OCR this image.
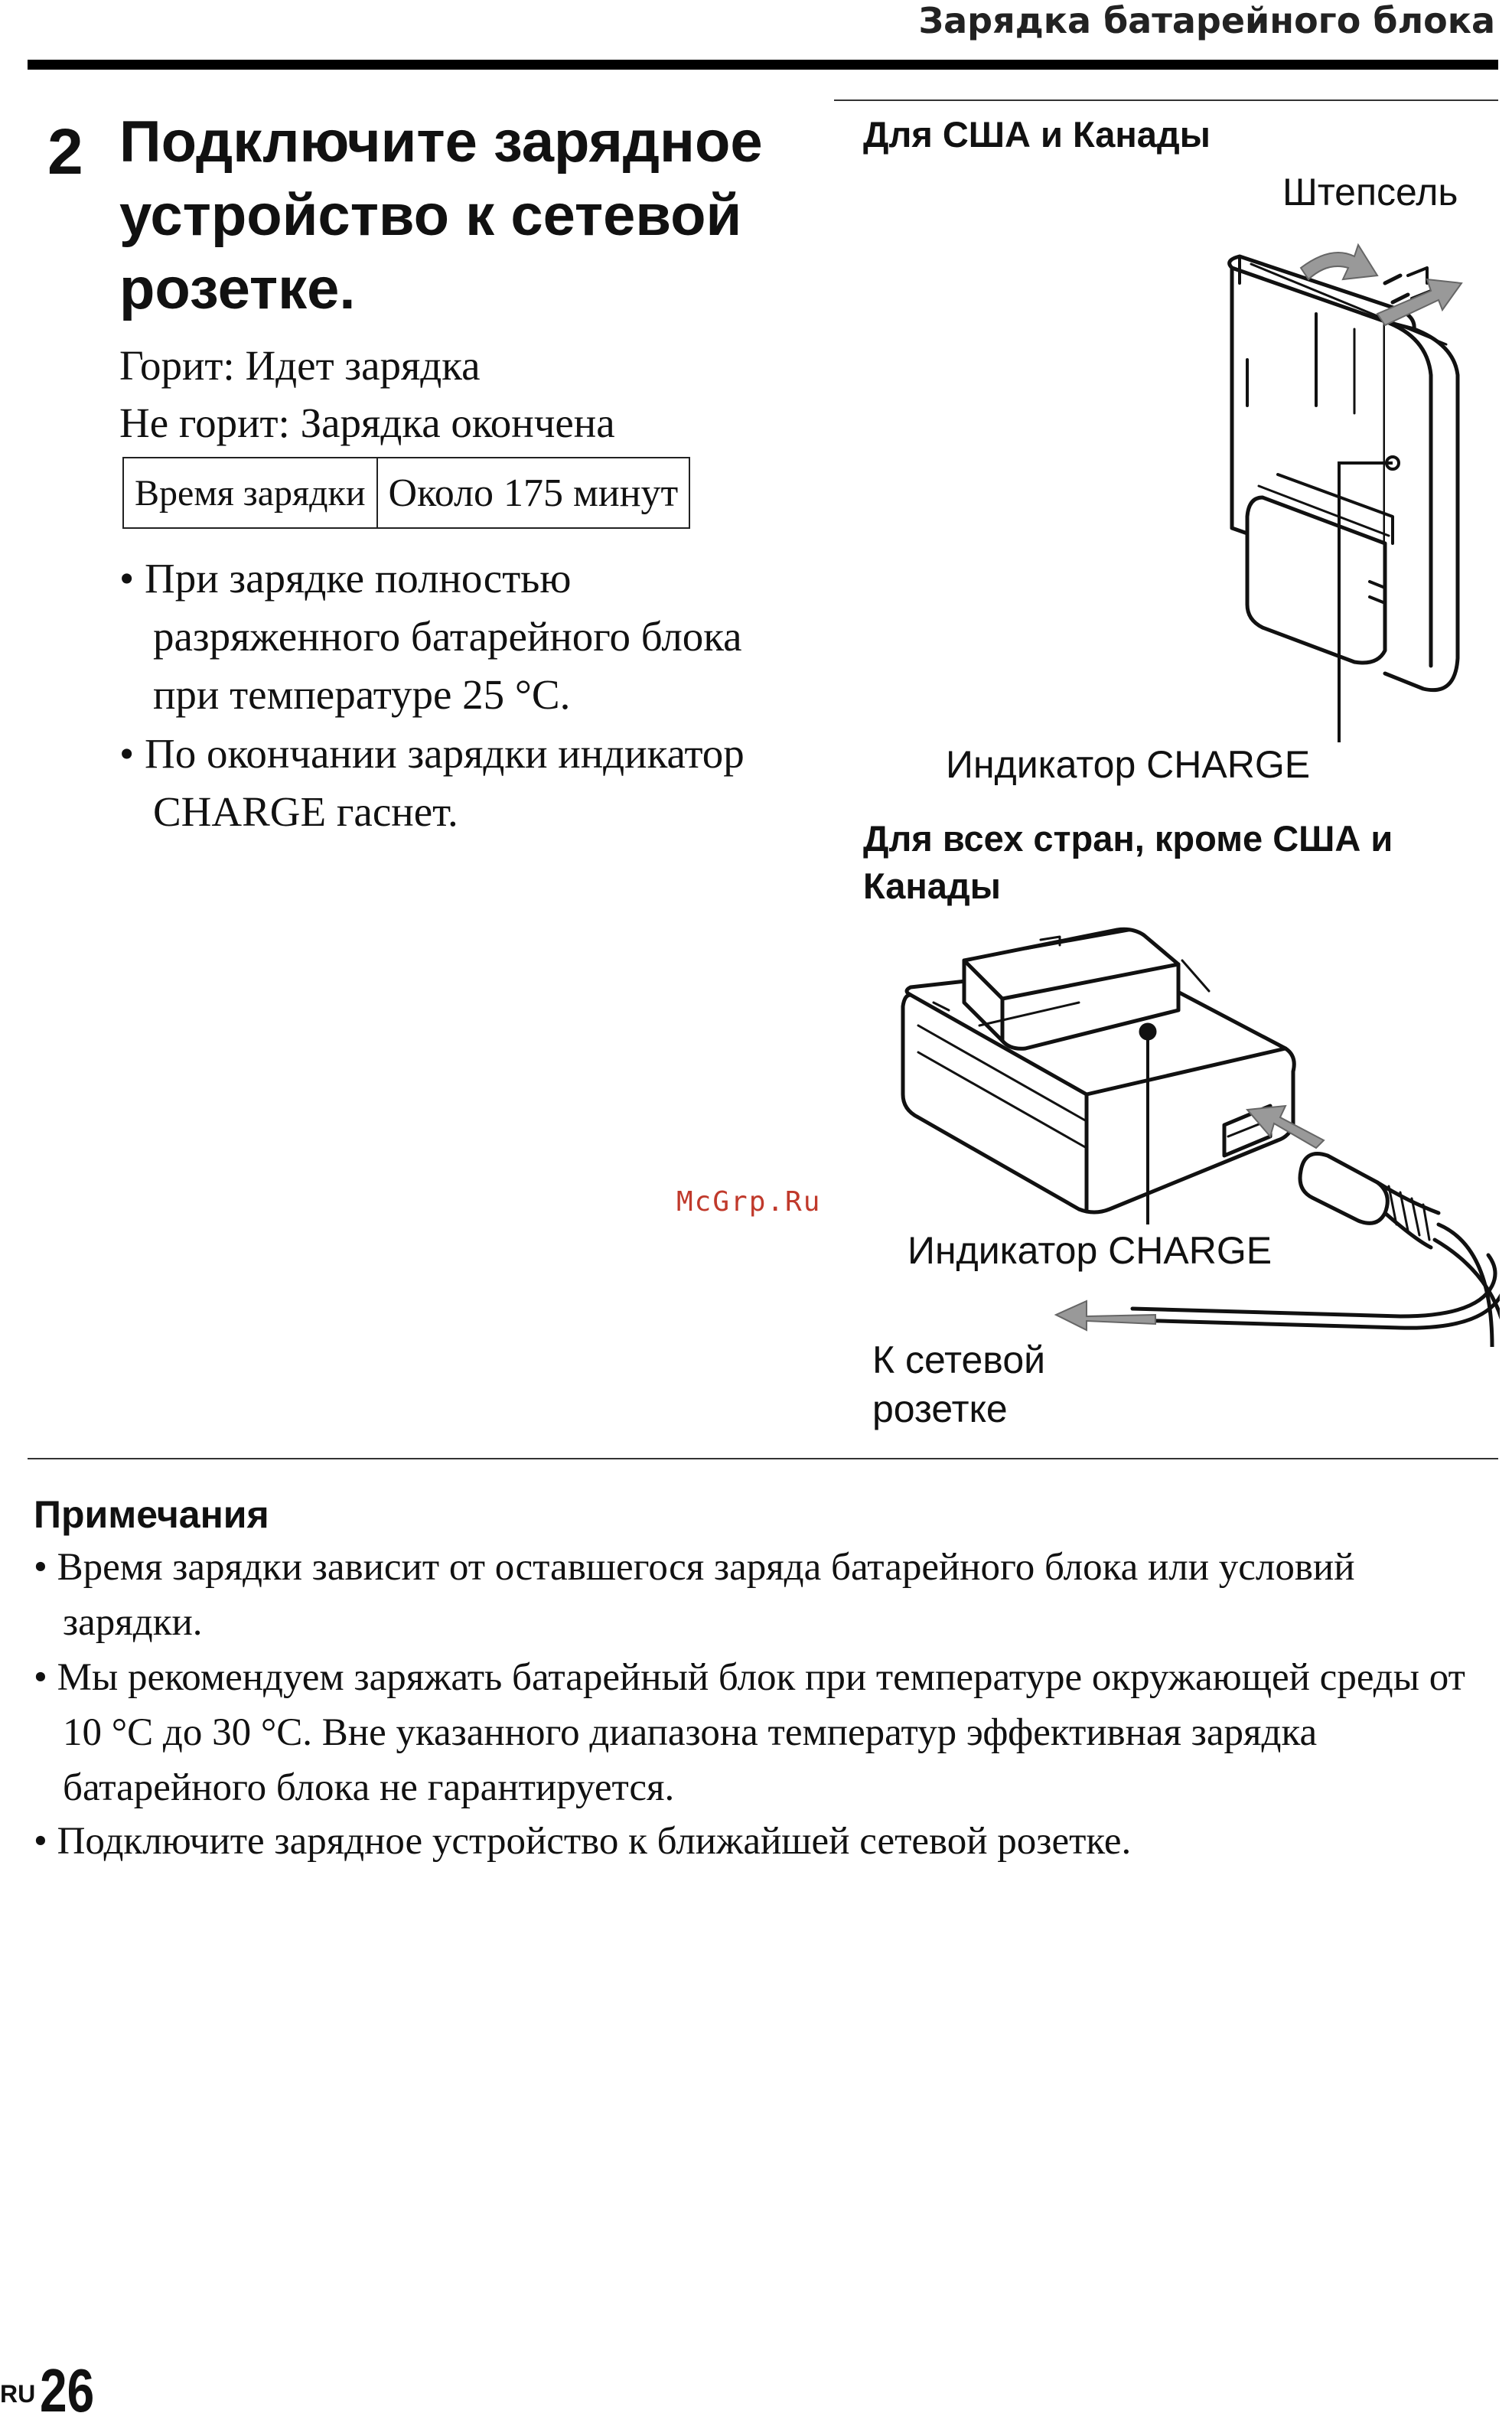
Зарядка батарейного блока
2 Подключите зарядное устройство к сетевой розетке.
Горит: Идет зарядка
Не горит: Зарядка окончена
Время зарядки	Около 175 минут
• При зарядке полностью разряженного батарейного блока при температуре 25 °C.
• По окончании зарядки индикатор CHARGE гаснет.
Для США и Канады
Штепсель
Индикатор CHARGE
Для всех стран, кроме США и Канады
Индикатор CHARGE
К сетевой
розетке
McGrp.Ru
Примечания
• Время зарядки зависит от оставшегося заряда батарейного блока или условий зарядки.
• Мы рекомендуем заряжать батарейный блок при температуре окружающей среды от 10 °C до 30 °C. Вне указанного диапазона температур эффективная зарядка батарейного блока не гарантируется.
• Подключите зарядное устройство к ближайшей сетевой розетке.
RU 26
